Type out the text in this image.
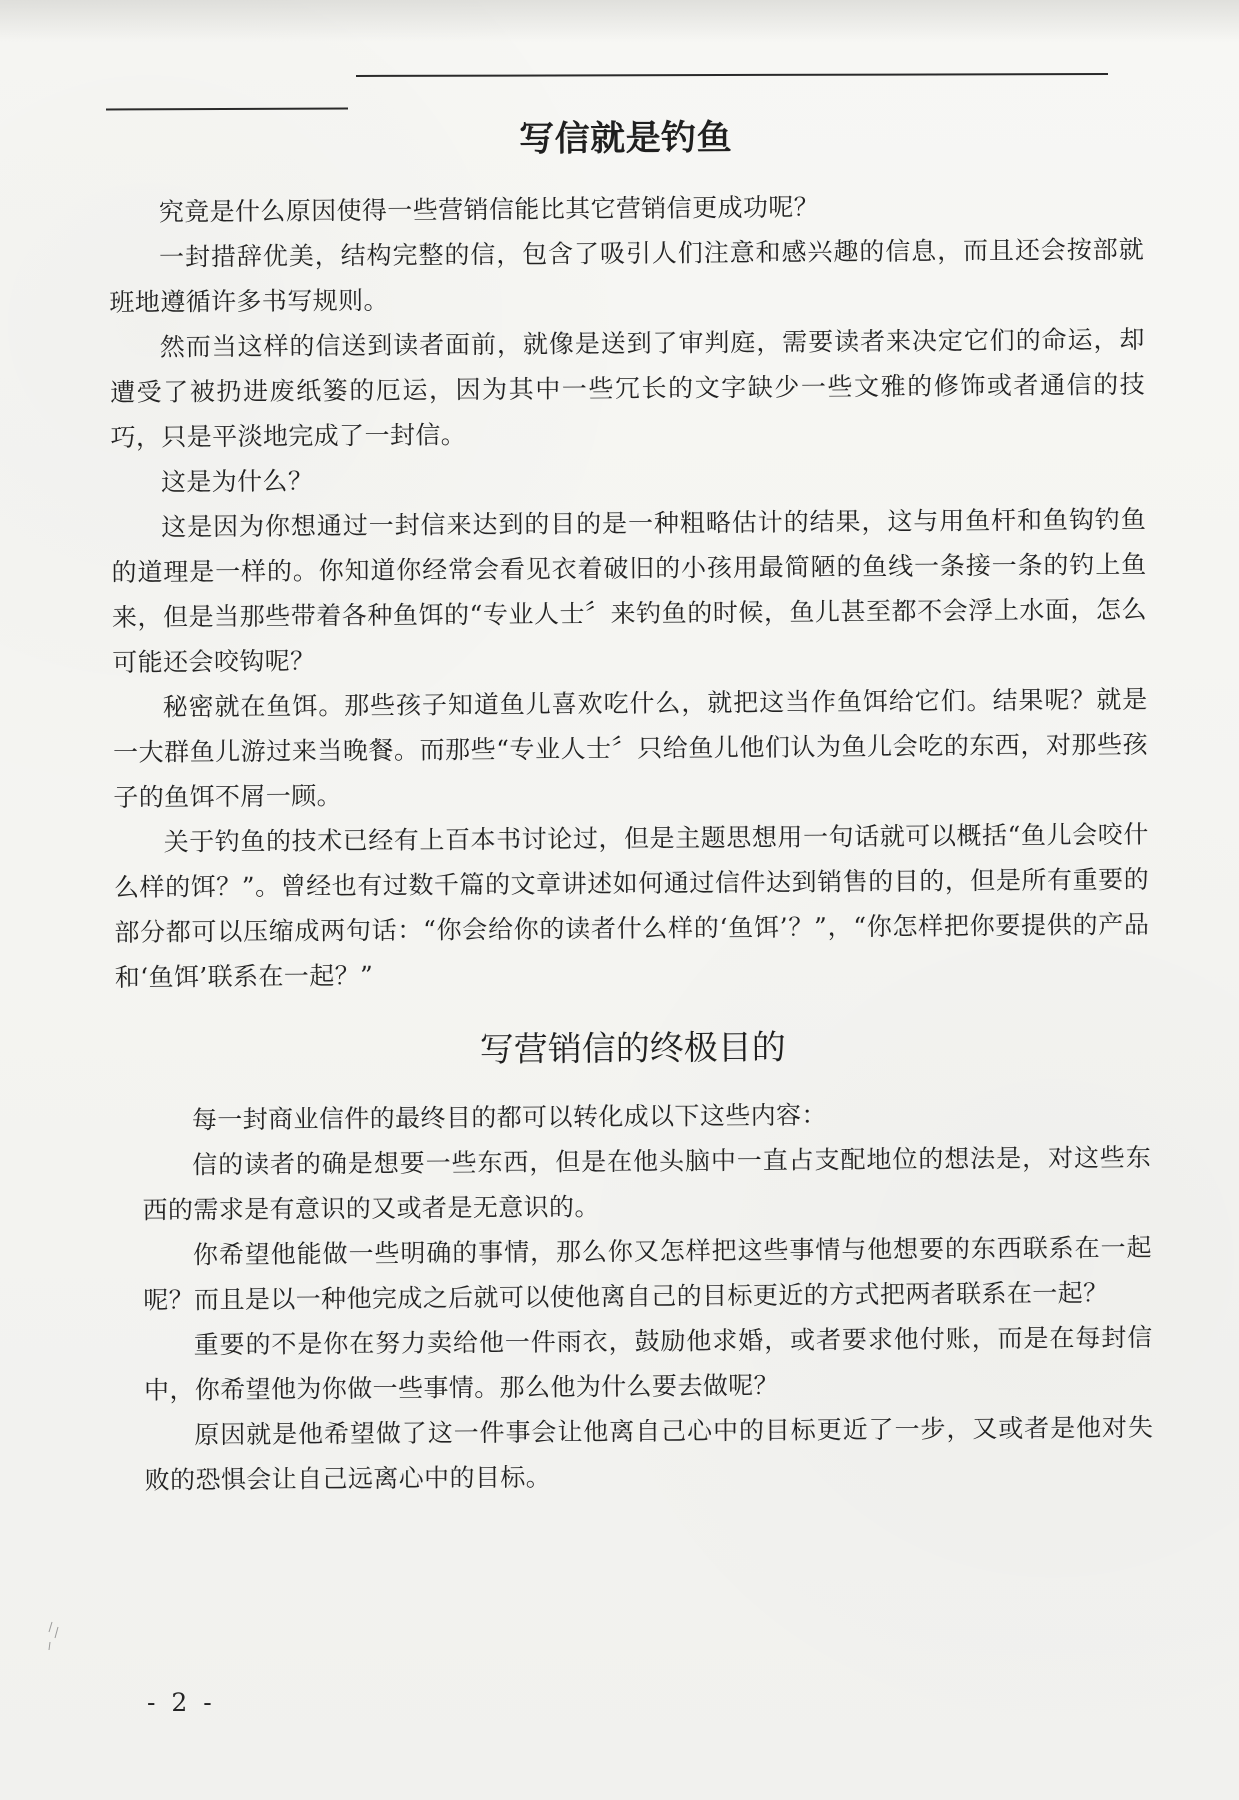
写信就是钓鱼

究竟是什么原因使得一些营销信能比其它营销信更成功呢？

一封措辞优美，结构完整的信，包含了吸引人们注意和感兴趣的信息，而且还会按部就班地遵循许多书写规则。

然而当这样的信送到读者面前，就像是送到了审判庭，需要读者来决定它们的命运，却遭受了被扔进废纸篓的厄运，因为其中一些冗长的文字缺少一些文雅的修饰或者通信的技巧，只是平淡地完成了一封信。

这是为什么？

这是因为你想通过一封信来达到的目的是一种粗略估计的结果，这与用鱼杆和鱼钩钓鱼的道理是一样的。你知道你经常会看见衣着破旧的小孩用最简陋的鱼线一条接一条的钓上鱼来，但是当那些带着各种鱼饵的“专业人士〞来钓鱼的时候，鱼儿甚至都不会浮上水面，怎么可能还会咬钩呢？

秘密就在鱼饵。那些孩子知道鱼儿喜欢吃什么，就把这当作鱼饵给它们。结果呢？就是一大群鱼儿游过来当晚餐。而那些“专业人士〞只给鱼儿他们认为鱼儿会吃的东西，对那些孩子的鱼饵不屑一顾。

关于钓鱼的技术已经有上百本书讨论过，但是主题思想用一句话就可以概括“鱼儿会咬什么样的饵？”。曾经也有过数千篇的文章讲述如何通过信件达到销售的目的，但是所有重要的部分都可以压缩成两句话：“你会给你的读者什么样的‘鱼饵’？”，“你怎样把你要提供的产品和‘鱼饵’联系在一起？”

写营销信的终极目的

每一封商业信件的最终目的都可以转化成以下这些内容：

信的读者的确是想要一些东西，但是在他头脑中一直占支配地位的想法是，对这些东西的需求是有意识的又或者是无意识的。

你希望他能做一些明确的事情，那么你又怎样把这些事情与他想要的东西联系在一起呢？而且是以一种他完成之后就可以使他离自己的目标更近的方式把两者联系在一起？

重要的不是你在努力卖给他一件雨衣，鼓励他求婚，或者要求他付账，而是在每封信中，你希望他为你做一些事情。那么他为什么要去做呢？

原因就是他希望做了这一件事会让他离自己心中的目标更近了一步，又或者是他对失败的恐惧会让自己远离心中的目标。

- 2 -
